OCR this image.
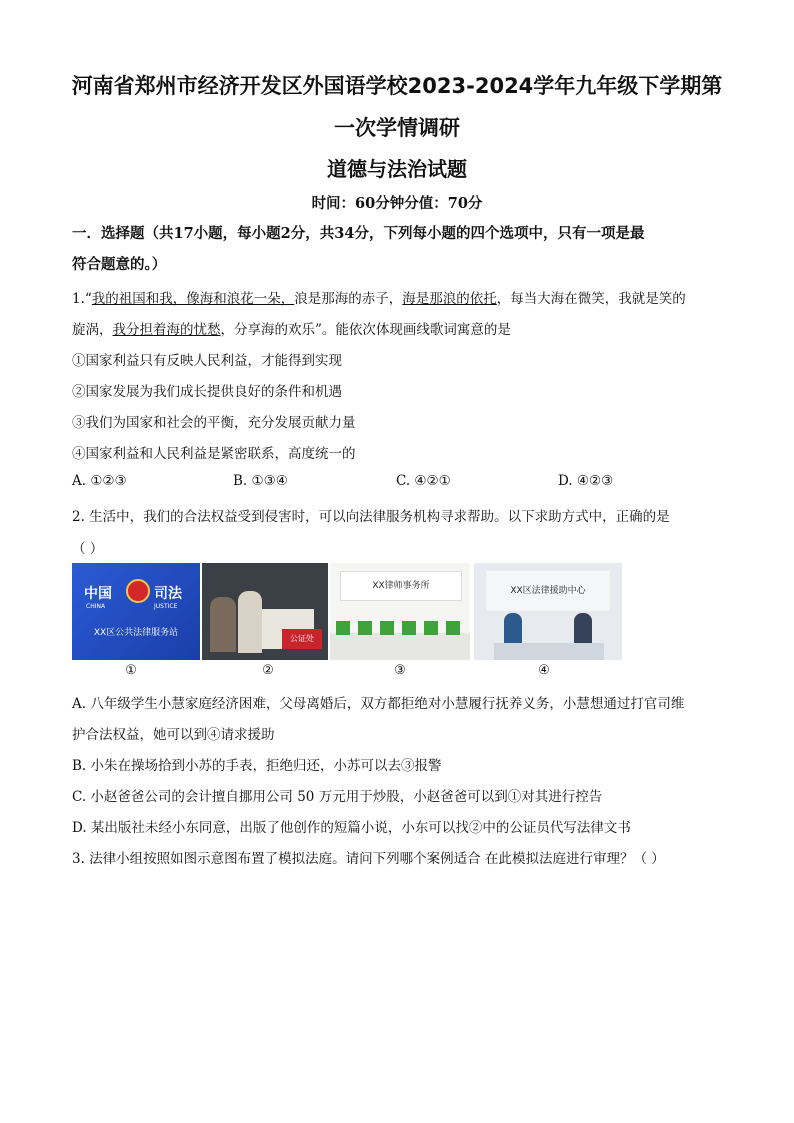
河南省郑州市经济开发区外国语学校2023-2024学年九年级下学期第
一次学情调研
道德与法治试题
时间：60分钟分值：70分
一．选择题（共17小题，每小题2分，共34分，下列每小题的四个选项中，只有一项是最
符合题意的。）
1.“我的祖国和我，像海和浪花一朵，浪是那海的赤子，海是那浪的依托，每当大海在微笑，我就是笑的
旋涡，我分担着海的忧愁，分享海的欢乐”。能依次体现画线歌词寓意的是
①国家利益只有反映人民利益，才能得到实现
②国家发展为我们成长提供良好的条件和机遇
③我们为国家和社会的平衡，充分发展贡献力量
④国家利益和人民利益是紧密联系，高度统一的
A. ①②③	B. ①③④	C. ④②①	D. ④②③
2. 生活中，我们的合法权益受到侵害时，可以向法律服务机构寻求帮助。以下求助方式中，正确的是
（ ）
中国	司法
CHINA	JUSTICE
XX区公共法律服务站
公证处
XX律师事务所	XX区法律援助中心
①	②	③	④
A. 八年级学生小慧家庭经济困难，父母离婚后，双方都拒绝对小慧履行抚养义务，小慧想通过打官司维
护合法权益，她可以到④请求援助
B. 小朱在操场拾到小苏的手表，拒绝归还，小苏可以去③报警
C. 小赵爸爸公司的会计擅自挪用公司 50 万元用于炒股，小赵爸爸可以到①对其进行控告
D. 某出版社未经小东同意，出版了他创作的短篇小说，小东可以找②中的公证员代写法律文书
3. 法律小组按照如图示意图布置了模拟法庭。请问下列哪个案例适合 在此模拟法庭进行审理？（ ）
